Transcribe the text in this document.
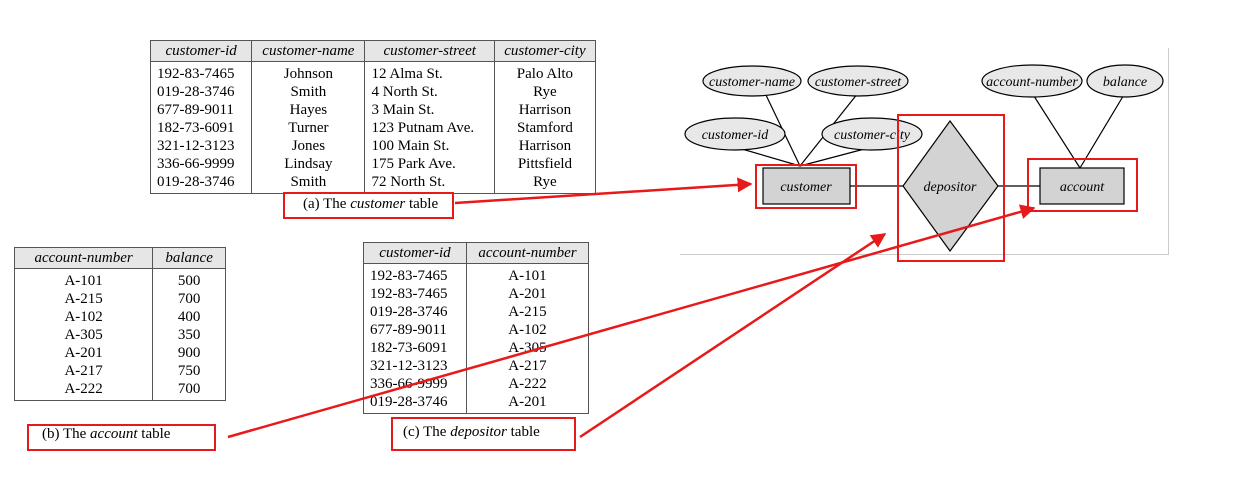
customer-id	customer-name	customer-street	customer-city
192-83-7465	Johnson	12 Alma St.	Palo Alto
019-28-3746	Smith	4 North St.	Rye
677-89-9011	Hayes	3 Main St.	Harrison
182-73-6091	Turner	123 Putnam Ave.	Stamford
321-12-3123	Jones	100 Main St.	Harrison
336-66-9999	Lindsay	175 Park Ave.	Pittsfield
019-28-3746	Smith	72 North St.	Rye
(a) The customer table
account-number	balance
A-101	500
A-215	700
A-102	400
A-305	350
A-201	900
A-217	750
A-222	700
(b) The account table
customer-id	account-number
192-83-7465	A-101
192-83-7465	A-201
019-28-3746	A-215
677-89-9011	A-102
182-73-6091	A-305
321-12-3123	A-217
336-66-9999	A-222
019-28-3746	A-201
(c) The depositor table
customer-name customer-street
customer-id	customer-city
account-number balance
customer	account
depositor
